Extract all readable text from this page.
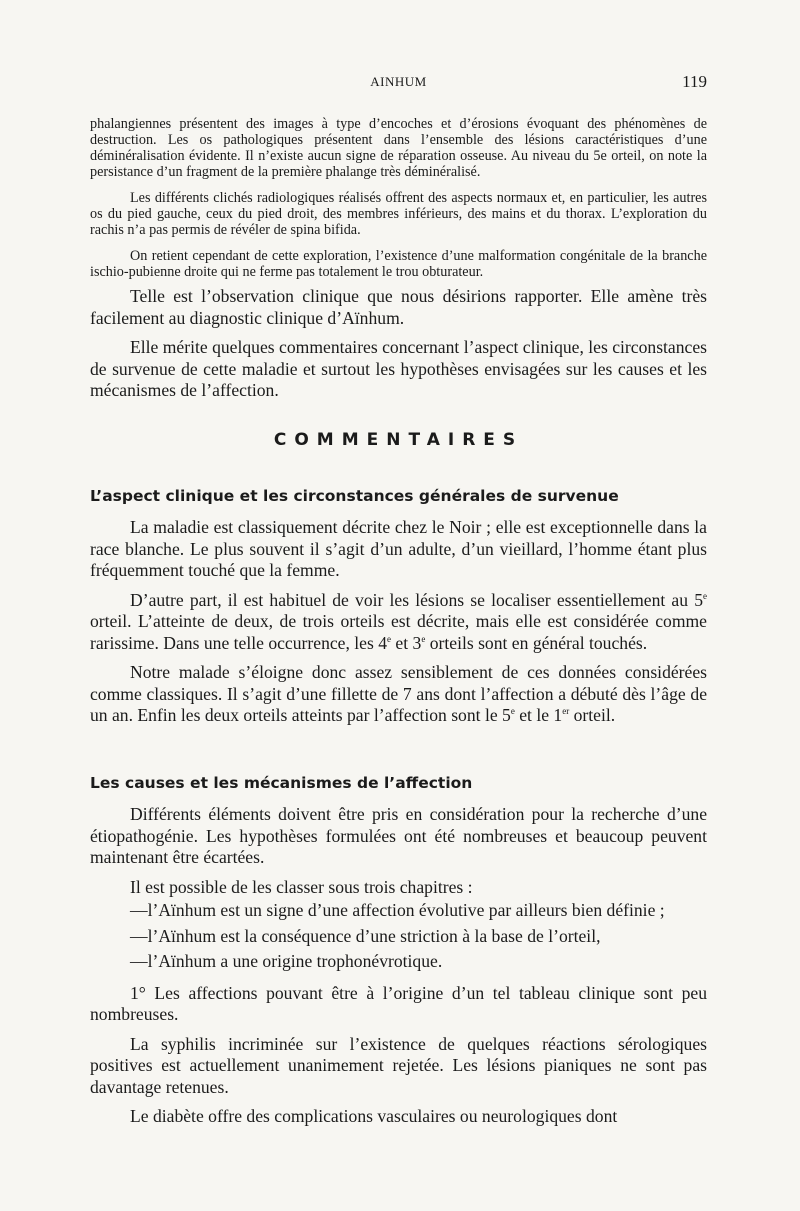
AINHUM	119

phalangiennes présentent des images à type d’encoches et d’érosions évoquant des phénomènes de destruction. Les os pathologiques présentent dans l’ensemble des lésions caractéristiques d’une déminéralisation évidente. Il n’existe aucun signe de réparation osseuse. Au niveau du 5e orteil, on note la persistance d’un fragment de la première phalange très déminéralisé.

Les différents clichés radiologiques réalisés offrent des aspects normaux et, en particulier, les autres os du pied gauche, ceux du pied droit, des membres inférieurs, des mains et du thorax. L’exploration du rachis n’a pas permis de révéler de spina bifida.

On retient cependant de cette exploration, l’existence d’une malformation congénitale de la branche ischio-pubienne droite qui ne ferme pas totalement le trou obturateur.

Telle est l’observation clinique que nous désirions rapporter. Elle amène très facilement au diagnostic clinique d’Aïnhum.

Elle mérite quelques commentaires concernant l’aspect clinique, les circonstances de survenue de cette maladie et surtout les hypothèses envisagées sur les causes et les mécanismes de l’affection.

COMMENTAIRES
L’aspect clinique et les circonstances générales de survenue

La maladie est classiquement décrite chez le Noir ; elle est exceptionnelle dans la race blanche. Le plus souvent il s’agit d’un adulte, d’un vieillard, l’homme étant plus fréquemment touché que la femme.

D’autre part, il est habituel de voir les lésions se localiser essentiellement au 5e orteil. L’atteinte de deux, de trois orteils est décrite, mais elle est considérée comme rarissime. Dans une telle occurrence, les 4e et 3e orteils sont en général touchés.

Notre malade s’éloigne donc assez sensiblement de ces données considérées comme classiques. Il s’agit d’une fillette de 7 ans dont l’affection a débuté dès l’âge de un an. Enfin les deux orteils atteints par l’affection sont le 5e et le 1er orteil.

Les causes et les mécanismes de l’affection

Différents éléments doivent être pris en considération pour la recherche d’une étiopathogénie. Les hypothèses formulées ont été nombreuses et beaucoup peuvent maintenant être écartées.

Il est possible de les classer sous trois chapitres :

—l’Aïnhum est un signe d’une affection évolutive par ailleurs bien définie ;

—l’Aïnhum est la conséquence d’une striction à la base de l’orteil,

—l’Aïnhum a une origine trophonévrotique.

1° Les affections pouvant être à l’origine d’un tel tableau clinique sont peu nombreuses.

La syphilis incriminée sur l’existence de quelques réactions sérologiques positives est actuellement unanimement rejetée. Les lésions pianiques ne sont pas davantage retenues.

Le diabète offre des complications vasculaires ou neurologiques dont
